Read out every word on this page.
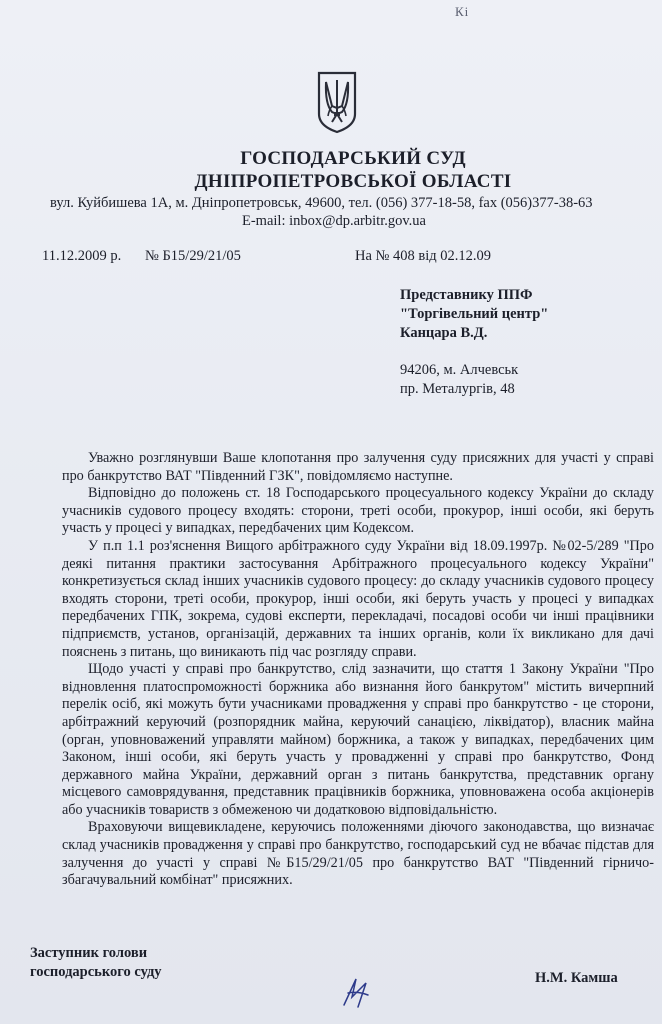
Кі
ГОСПОДАРСЬКИЙ СУД
ДНІПРОПЕТРОВСЬКОЇ ОБЛАСТІ
вул. Куйбишева 1А, м. Дніпропетровськ, 49600, тел. (056) 377-18-58, fax (056)377-38-63
E-mail: inbox@dp.arbitr.gov.ua
11.12.2009 р. № Б15/29/21/05	На № 408 від 02.12.09
Представнику ППФ
"Торгівельний центр"
Канцара В.Д.
94206, м. Алчевськ
пр. Металургів, 48

Уважно розглянувши Ваше клопотання про залучення суду присяжних для участі у справі про банкрутство ВАТ "Південний ГЗК", повідомляємо наступне.

Відповідно до положень ст. 18 Господарського процесуального кодексу України до складу учасників судового процесу входять: сторони, треті особи, прокурор, інші особи, які беруть участь у процесі у випадках, передбачених цим Кодексом.

У п.п 1.1 роз'яснення Вищого арбітражного суду України від 18.09.1997р. №02-5/289 "Про деякі питання практики застосування Арбітражного процесуального кодексу України" конкретизується склад інших учасників судового процесу: до складу учасників судового процесу входять сторони, треті особи, прокурор, інші особи, які беруть участь у процесі у випадках передбачених ГПК, зокрема, судові експерти, перекладачі, посадові особи чи інші працівники підприємств, установ, організацій, державних та інших органів, коли їх викликано для дачі пояснень з питань, що виникають під час розгляду справи.

Щодо участі у справі про банкрутство, слід зазначити, що стаття 1 Закону України "Про відновлення платоспроможності боржника або визнання його банкрутом" містить вичерпний перелік осіб, які можуть бути учасниками провадження у справі про банкрутство - це сторони, арбітражний керуючий (розпорядник майна, керуючий санацією, ліквідатор), власник майна (орган, уповноважений управляти майном) боржника, а також у випадках, передбачених цим Законом, інші особи, які беруть участь у провадженні у справі про банкрутство, Фонд державного майна України, державний орган з питань банкрутства, представник органу місцевого самоврядування, представник працівників боржника, уповноважена особа акціонерів або учасників товариств з обмеженою чи додатковою відповідальністю.

Враховуючи вищевикладене, керуючись положеннями діючого законодавства, що визначає склад учасників провадження у справі про банкрутство, господарський суд не вбачає підстав для залучення до участі у справі №Б15/29/21/05 про банкрутство ВАТ "Південний гірничо-збагачувальний комбінат" присяжних.

Заступник голови
господарського суду	Н.М. Камша
